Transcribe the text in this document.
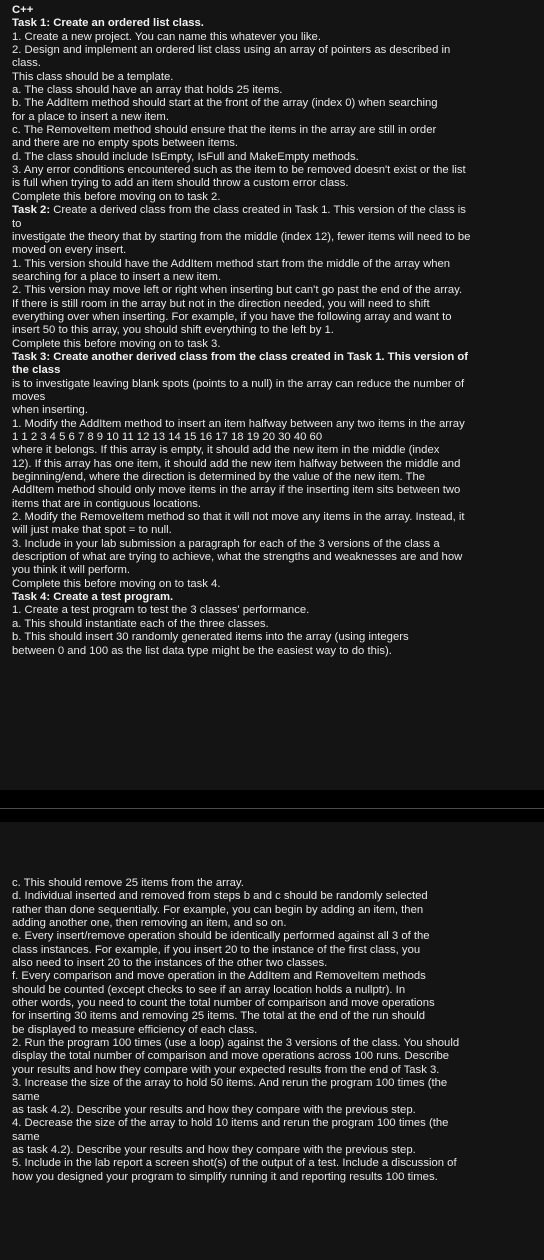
C++
Task 1: Create an ordered list class.
1. Create a new project. You can name this whatever you like.
2. Design and implement an ordered list class using an array of pointers as described in
class.
This class should be a template.
a. The class should have an array that holds 25 items.
b. The AddItem method should start at the front of the array (index 0) when searching
for a place to insert a new item.
c. The RemoveItem method should ensure that the items in the array are still in order
and there are no empty spots between items.
d. The class should include IsEmpty, IsFull and MakeEmpty methods.
3. Any error conditions encountered such as the item to be removed doesn't exist or the list
is full when trying to add an item should throw a custom error class.
Complete this before moving on to task 2.
Task 2: Create a derived class from the class created in Task 1. This version of the class is
to
investigate the theory that by starting from the middle (index 12), fewer items will need to be
moved on every insert.
1. This version should have the AddItem method start from the middle of the array when
searching for a place to insert a new item.
2. This version may move left or right when inserting but can't go past the end of the array.
If there is still room in the array but not in the direction needed, you will need to shift
everything over when inserting. For example, if you have the following array and want to
insert 50 to this array, you should shift everything to the left by 1.
Complete this before moving on to task 3.
Task 3: Create another derived class from the class created in Task 1. This version of
the class
is to investigate leaving blank spots (points to a null) in the array can reduce the number of
moves
when inserting.
1. Modify the AddItem method to insert an item halfway between any two items in the array
1 1 2 3 4 5 6 7 8 9 10 11 12 13 14 15 16 17 18 19 20 30 40 60
where it belongs. If this array is empty, it should add the new item in the middle (index
12). If this array has one item, it should add the new item halfway between the middle and
beginning/end, where the direction is determined by the value of the new item. The
AddItem method should only move items in the array if the inserting item sits between two
items that are in contiguous locations.
2. Modify the RemoveItem method so that it will not move any items in the array. Instead, it
will just make that spot = to null.
3. Include in your lab submission a paragraph for each of the 3 versions of the class a
description of what are trying to achieve, what the strengths and weaknesses are and how
you think it will perform.
Complete this before moving on to task 4.
Task 4: Create a test program.
1. Create a test program to test the 3 classes' performance.
a. This should instantiate each of the three classes.
b. This should insert 30 randomly generated items into the array (using integers
between 0 and 100 as the list data type might be the easiest way to do this).
c. This should remove 25 items from the array.
d. Individual inserted and removed from steps b and c should be randomly selected
rather than done sequentially. For example, you can begin by adding an item, then
adding another one, then removing an item, and so on.
e. Every insert/remove operation should be identically performed against all 3 of the
class instances. For example, if you insert 20 to the instance of the first class, you
also need to insert 20 to the instances of the other two classes.
f. Every comparison and move operation in the AddItem and RemoveItem methods
should be counted (except checks to see if an array location holds a nullptr). In
other words, you need to count the total number of comparison and move operations
for inserting 30 items and removing 25 items. The total at the end of the run should
be displayed to measure efficiency of each class.
2. Run the program 100 times (use a loop) against the 3 versions of the class. You should
display the total number of comparison and move operations across 100 runs. Describe
your results and how they compare with your expected results from the end of Task 3.
3. Increase the size of the array to hold 50 items. And rerun the program 100 times (the
same
as task 4.2). Describe your results and how they compare with the previous step.
4. Decrease the size of the array to hold 10 items and rerun the program 100 times (the
same
as task 4.2). Describe your results and how they compare with the previous step.
5. Include in the lab report a screen shot(s) of the output of a test. Include a discussion of
how you designed your program to simplify running it and reporting results 100 times.
